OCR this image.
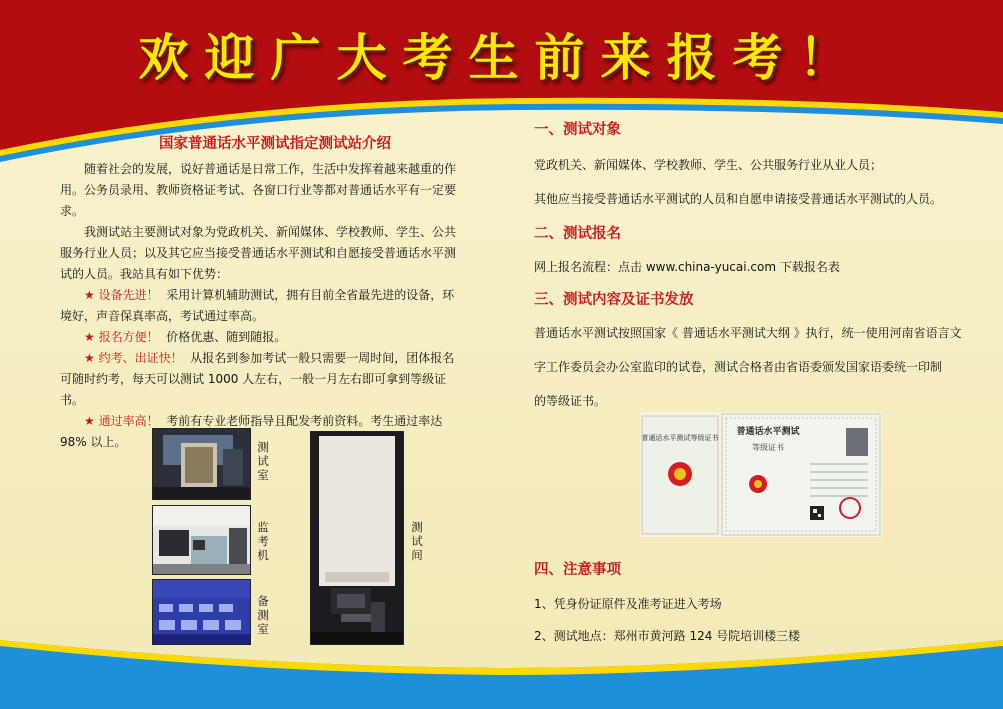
欢迎广大考生前来报考！
国家普通话水平测试指定测试站介绍

随着社会的发展，说好普通话是日常工作，生活中发挥着越来越重的作用。公务员录用、教师资格证考试、各窗口行业等都对普通话水平有一定要求。

我测试站主要测试对象为党政机关、新闻媒体、学校教师、学生、公共服务行业人员；以及其它应当接受普通话水平测试和自愿接受普通话水平测试的人员。我站具有如下优势：

★ 设备先进！ 采用计算机辅助测试，拥有目前全省最先进的设备，环境好，声音保真率高，考试通过率高。

★ 报名方便！ 价格优惠、随到随报。

★ 约考、出证快！ 从报名到参加考试一般只需要一周时间，团体报名可随时约考，每天可以测试 1000 人左右，一般一月左右即可拿到等级证书。

★ 通过率高！ 考前有专业老师指导且配发考前资料。考生通过率达 98% 以上。	测试室
监考机
备测室
测试间
一、测试对象
党政机关、新闻媒体、学校教师、学生、公共服务行业从业人员；
其他应当接受普通话水平测试的人员和自愿申请接受普通话水平测试的人员。
二、测试报名
网上报名流程：点击 www.china-yucai.com 下载报名表
三、测试内容及证书发放
普通话水平测试按照国家《 普通话水平测试大纲 》执行，统一使用河南省语言文
字工作委员会办公室监印的试卷，测试合格者由省语委颁发国家语委统一印制
的等级证书。
四、注意事项
1、凭身份证原件及准考证进入考场
2、测试地点：郑州市黄河路 124 号院培训楼三楼
普通话水平测试等级证书
普通话水平测试
等级证书
